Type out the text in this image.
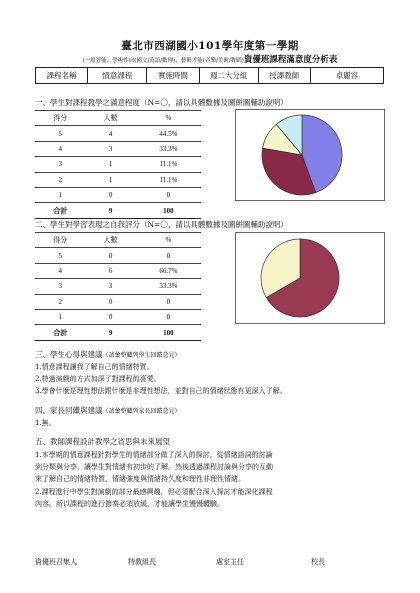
臺北市西湖國小101學年度第一學期
(一般智能、學術性向(國文/英語/數理)、藝術才能(音樂/美術/舞蹈)資優班課程滿意度分析表
課程名稱	情意課程	實施時間	週二大分組	授課教師	卓麗容
一、學生對課程教學之滿意程度（N=〇，請以具體數據及圖餅圖輔助說明）
得分	人數	%
5	4	44.5%
4	3	33.3%
3	1	11.1%
2	1	11.1%
1	0	0
合計	9	100
二、學生對學習表現之自我評分（N=〇，請以具體數據及圖餅圖輔助說明）
得分	人數	%
5	0	0
4	6	66.7%
3	3	33.3%
2	0	0
1	0	0
合計	9	100
三、學生心得與建議（請彙整臚列學生回饋意見）
1.情意課程讓我了解自己的情緒特質。
2.特過演戲的方式加深了對課程的喜愛。
3.學會什麼是理性想法跟什麼是非理性想法，並對自己的情緒狀態有更深入了解。
四、家長回饋與建議（請彙整臚列家長回饋意見）
1.無。
五、教師課程設計教學之省思與未來展望
1.本學期的情意課程針對學生的情緒部分做了深入的探討。從情緒語詞的討論
到分類與分享，讓學生對情緒有初步的了解。然後透過課程討論與分享的互動
來了解自己的情緒特質、情緒強度與情緒持久度和理性非理性情緒。
2.課程進行中學生對演劇的部分最感興趣，但必須配合深入探討才能深化課程
內容。所以課程的進行節奏必須放緩，才能讓學生慢慢體驗。
資優班召集人	特教組長	處室主任	校長
